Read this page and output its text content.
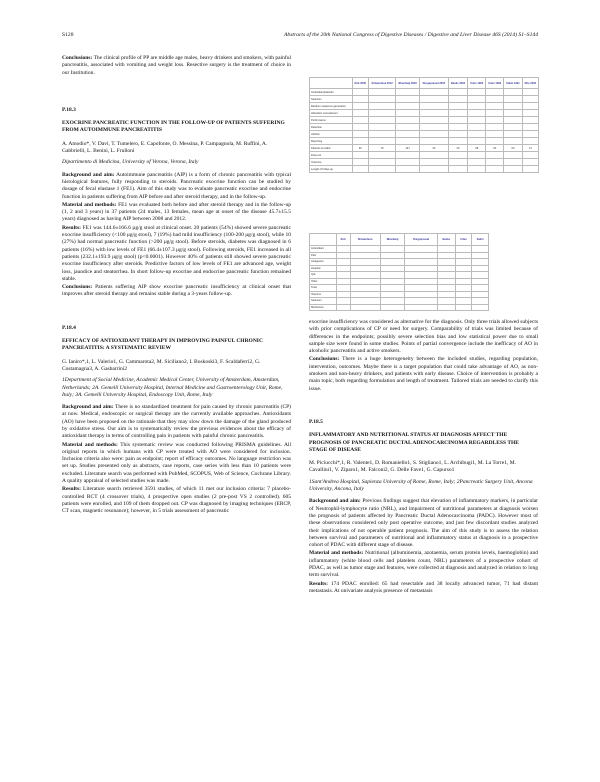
S128	Abstracts of the 20th National Congress of Digestive Diseases / Digestive and Liver Disease 46S (2014) S1–S144

Conclusions: The clinical profile of PP are middle age males, heavy drinkers and smokers, with painful pancreatitis, associated with vomiting and weight loss. Resective surgery is the treatment of choice in our Institution.

P.18.3
EXOCRINE PANCREATIC FUNCTION IN THE FOLLOW-UP OF PATIENTS SUFFERING FROM AUTOIMMUNE PANCREATITIS
A. Amodio*, V. Davì, T. Tumelero, E. Capofonte, O. Messina, P. Campagnola, M. Ruffini, A. Gabbrielli, L. Benini, L. Frulloni
Dipartimento di Medicina, University of Verona, Verona, Italy

Background and aim: Autoimmune pancreatitis (AIP) is a form of chronic pancreatitis with typical histological features, fully responding to steroids. Pancreatic exocrine function can be studied by dosage of fecal elastase 1 (FE1). Aim of this study was to evaluate pancreatic exocrine and endocrine function in patients suffering from AIP before and after steroid therapy, and in the follow-up.

Material and methods: FE1 was evaluated both before and after steroid therapy and in the follow-up (1, 2 and 3 years) in 37 patients (24 males, 13 females, mean age at onset of the disease 45.7±15.5 years) diagnosed as having AIP between 2008 and 2012.

Results: FE1 was 144.6±166.6 μg/g stool at clinical onset. 20 patients (54%) showed severe pancreatic exocrine insufficiency (<100 μg/g stool), 7 (19%) had mild insufficiency (100-200 μg/g stool), while 10 (27%) had normal pancreatic function (>200 μg/g stool). Before steroids, diabetes was diagnosed in 6 patients (16%) with low levels of FE1 (66.4±107.3 μg/g stool). Following steroids, FE1 increased in all patients (232.1±193.9 μg/g stool) (p<0.0001). However 40% of patients still showed severe pancreatic exocrine insufficiency after steroids. Predictive factors of low levels of FE1 are advanced age, weight loss, jaundice and steatorrhea. In short follow-up exocrine and endocrine pancreatic function remained stable.

Conclusions: Patients suffering AIP show exocrine pancreatic insufficiency at clinical onset that improves after steroid therapy and remains stable during a 3-years follow-up.

P.18.4
EFFICACY OF ANTIOXIDANT THERAPY IN IMPROVING PAINFUL CHRONIC PANCREATITIS: A SYSTEMATIC REVIEW
G. Ianiro*,1, L. Valerio1, G. Cammarota2, M. Siciliano2, I. Boskoski3, F. Scaldaferri2, G. Costamagna3, A. Gasbarrini2
1Department of Social Medicine, Academic Medical Center, University of Amsterdam, Amsterdam, Netherlands; 2A. Gemelli University Hospital, Internal Medicine and Gastroenterology Unit, Rome, Italy; 3A. Gemelli University Hospital, Endoscopy Unit, Rome, Italy

Background and aim: There is no standardized treatment for pain caused by chronic pancreatitis (CP) at now. Medical, endoscopic or surgical therapy are the currently available approaches. Antioxidants (AO) have been proposed on the rationale that they may slow down the damage of the gland produced by oxidative stress. Our aim is to systematically review the previous evidences about the efficacy of antioxidant therapy in terms of controlling pain in patients with painful chronic pancreatitis.

Material and methods: This systematic review was conducted following PRISMA guidelines. All original reports in which humans with CP were treated with AO were considered for inclusion. Inclusion criteria also were: pain as endpoint; report of efficacy outcomes. No language restriction was set up. Studies presented only as abstracts, case reports, case series with less than 10 patients were excluded. Literature search was performed with PubMed, SCOPUS, Web of Science, Cochrane Library. A quality appraisal of selected studies was made.

Results: Literature search retrieved 3591 studies, of which 11 met our inclusion criteria: 7 placebo-controlled RCT (4 crossover trials), 4 prospective open studies (2 pre-post VS 2 controlled). 605 patients were enrolled, and 109 of them dropped out. CP was diagnosed by imaging techniques (ERCP, CT scan, magnetic resonance); however, in 5 trials assessment of pancreatic

	Kirk 2006	Siriwardena 2012	Bhardwaj 2009	Durgaprasad 2005	Banks 2003	Uden 1992	Uden 1990	Salim 1991	Dite 2003
Antioxidant/placebo									
Selection									
Random sequence generation									
Allocation concealment									
Performance									
Detection									
Attrition									
Reporting									
Patients enrolled	36	70	147	20	43	28	20	63	72
Drop-out									
Outcome									
Length of follow-up									
	Kirk	Siriwardena	Bhardwaj	Durgaprasad	Banks	Uden	Salim
Antioxidant							
Pain							
Analgesics							
Hospital							
QoL							
Other							
Total							
Vitamins							
Selenium							
Methionine							

exocrine insufficiency was considered as alternative for the diagnosis. Only three trials allowed subjects with prior complications of CP or need for surgery. Comparability of trials was limited because of differences in the endpoints; possibly severe selection bias and low statistical power due to small sample size were found in some studies. Points of partial convergence include the inefficacy of AO in alcoholic pancreatitis and active smokers.

Conclusions: There is a huge heterogeneity between the included studies, regarding population, intervention, outcomes. Maybe there is a target population that could take advantage of AO, as non-smokers and non-heavy drinkers, and patients with early disease. Choice of intervention is probably a main topic, both regarding formulation and length of treatment. Tailored trials are needed to clarify this issue.

P.18.5
INFLAMMATORY AND NUTRITIONAL STATUS AT DIAGNOSIS AFFECT THE PROGNOSIS OF PANCREATIC DUCTAL ADENOCARCINOMA REGARDLESS THE STAGE OF DISEASE
M. Piciucchi*,1, R. Valente1, D. Romaniello1, S. Stigliano1, L. Archibugi1, M. La Torre1, M. Cavallini1, V. Ziparo1, M. Falconi2, G. Delle Fave1, G. Capurso1
1Sant'Andrea Hospital, Sapienza University of Rome, Rome, Italy; 2Pancreatic Surgery Unit, Ancona University, Ancona, Italy

Background and aim: Previous findings suggest that elevation of inflammatory markers, in particular of Neutrophil-lymphocyte ratio (NRL), and impairment of nutritional parameters at diagnosis worsen the prognosis of patients affected by Pancreatic Ductal Adenocarcinoma (PADC). However most of these observations considered only post operative outcome, and just few discordant studies analyzed their implications of not operable patient prognosis. The aim of this study is to assess the relation between survival and parameters of nutritional and inflammatory status at diagnosis in a prospective cohort of PDAC with different stage of disease.

Material and methods: Nutritional (albuminemia, azotaemia, serum protein levels, haemoglobin) and inflammatory (white blood cells and platelets count, NRL) parameters of a prospective cohort of PDAC, as well as tumor stage and features, were collected at diagnosis and analyzed in relation to long term survival.

Results: 174 PDAC enrolled: 65 had resectable and 38 locally advanced tumor, 71 had distant metastasis. At univariate analysis presence of metastasis
